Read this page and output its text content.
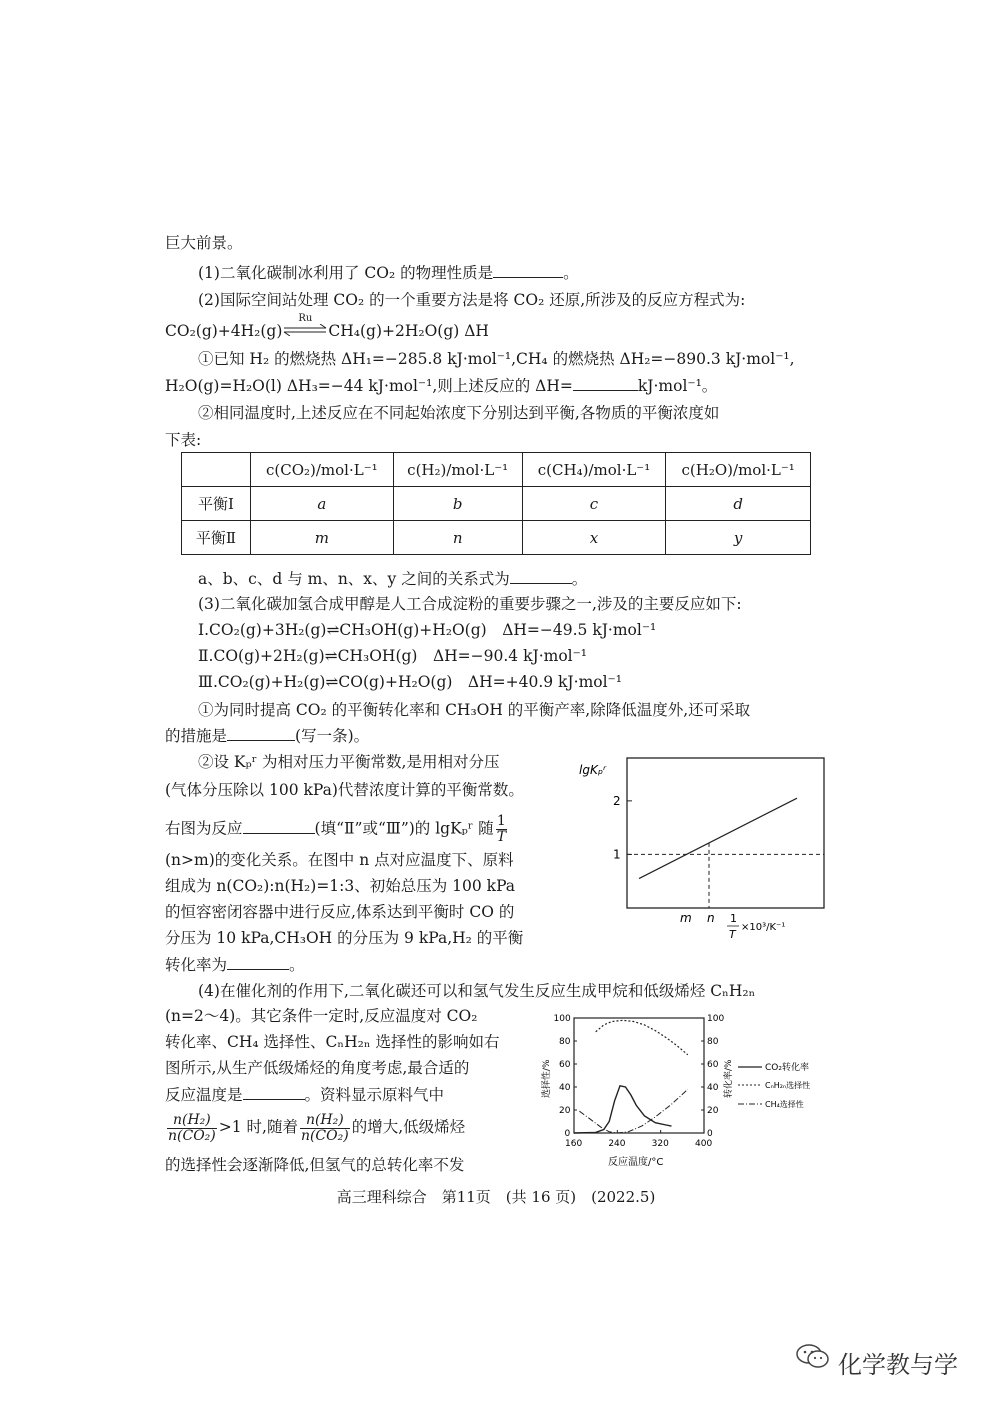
巨大前景。
(1)二氧化碳制冰利用了 CO₂ 的物理性质是	。
(2)国际空间站处理 CO₂ 的一个重要方法是将 CO₂ 还原,所涉及的反应方程式为:
CO₂(g)+4H₂(g)
Ru
CH₄(g)+2H₂O(g) ΔH
①已知 H₂ 的燃烧热 ΔH₁=−285.8 kJ·mol⁻¹,CH₄ 的燃烧热 ΔH₂=−890.3 kJ·mol⁻¹,
H₂O(g)=H₂O(l) ΔH₃=−44 kJ·mol⁻¹,则上述反应的 ΔH=	kJ·mol⁻¹。
②相同温度时,上述反应在不同起始浓度下分别达到平衡,各物质的平衡浓度如
下表:
	c(CO₂)/mol·L⁻¹	c(H₂)/mol·L⁻¹	c(CH₄)/mol·L⁻¹	c(H₂O)/mol·L⁻¹
平衡Ⅰ	a	b	c	d
平衡Ⅱ	m	n	x	y
a、b、c、d 与 m、n、x、y 之间的关系式为	。
(3)二氧化碳加氢合成甲醇是人工合成淀粉的重要步骤之一,涉及的主要反应如下:
Ⅰ.CO₂(g)+3H₂(g)⇌CH₃OH(g)+H₂O(g)　ΔH=−49.5 kJ·mol⁻¹
Ⅱ.CO(g)+2H₂(g)⇌CH₃OH(g)　ΔH=−90.4 kJ·mol⁻¹
Ⅲ.CO₂(g)+H₂(g)⇌CO(g)+H₂O(g)　ΔH=+40.9 kJ·mol⁻¹
①为同时提高 CO₂ 的平衡转化率和 CH₃OH 的平衡产率,除降低温度外,还可采取
的措施是	(写一条)。
②设 Kₚʳ 为相对压力平衡常数,是用相对分压
(气体分压除以 100 kPa)代替浓度计算的平衡常数。
右图为反应	(填“Ⅱ”或“Ⅲ”)的 lgKₚʳ 随 $\frac{1}{T}$
(n>m)的变化关系。在图中 n 点对应温度下、原料
组成为 n(CO₂):n(H₂)=1:3、初始总压为 100 kPa
的恒容密闭容器中进行反应,体系达到平衡时 CO 的
分压为 10 kPa,CH₃OH 的分压为 9 kPa,H₂ 的平衡
转化率为	。
(4)在催化剂的作用下,二氧化碳还可以和氢气发生反应生成甲烷和低级烯烃 CₙH₂ₙ
(n=2～4)。其它条件一定时,反应温度对 CO₂
转化率、CH₄ 选择性、CₙH₂ₙ 选择性的影响如右
图所示,从生产低级烯烃的角度考虑,最合适的
反应温度是	。资料显示原料气中
$\frac{\text{n(H₂)}}{\text{n(CO₂)}} >1$ 时,随着 $\frac{\text{n(H₂)}}{\text{n(CO₂)}}$ 的增大,低级烯烃
的选择性会逐渐降低,但氢气的总转化率不发
lgKₚʳ
2
1
m n 1
T
×10³/K⁻¹
160	240	320	400
0
20
40
60
80
100
0
20
40
60
80
100
选择性/%	转化率/%
反应温度/°C
CO₂转化率
CₙH₂ₙ选择性
CH₄选择性
高三理科综合　第11页　(共 16 页)　(2022.5)
化学教与学
